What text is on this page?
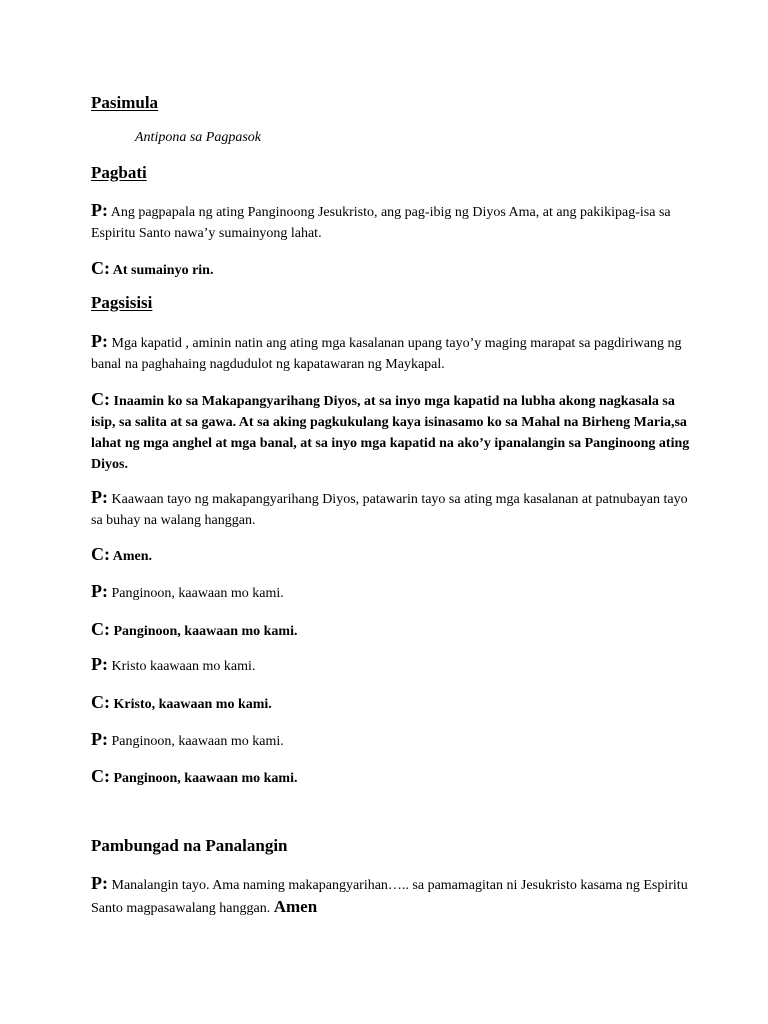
Pasimula

Antipona sa Pagpasok

Pagbati

P: Ang pagpapala ng ating Panginoong Jesukristo, ang pag-ibig ng Diyos Ama, at ang pakikipag-isa sa Espiritu Santo nawa’y sumainyong lahat.

C: At sumainyo rin.

Pagsisisi

P: Mga kapatid , aminin natin ang ating mga kasalanan upang tayo’y maging marapat sa pagdiriwang ng banal na paghahaing nagdudulot ng kapatawaran ng Maykapal.

C: Inaamin ko sa Makapangyarihang Diyos, at sa inyo mga kapatid na lubha akong nagkasala sa isip, sa salita at sa gawa. At sa aking pagkukulang kaya isinasamo ko sa Mahal na Birheng Maria,sa lahat ng mga anghel at mga banal, at sa inyo mga kapatid na ako’y ipanalangin sa Panginoong ating Diyos.

P: Kaawaan tayo ng makapangyarihang Diyos, patawarin tayo sa ating mga kasalanan at patnubayan tayo sa buhay na walang hanggan.

C: Amen.

P: Panginoon, kaawaan mo kami.

C: Panginoon, kaawaan mo kami.

P: Kristo kaawaan mo kami.

C: Kristo, kaawaan mo kami.

P: Panginoon, kaawaan mo kami.

C: Panginoon, kaawaan mo kami.

Pambungad na Panalangin

P: Manalangin tayo. Ama naming makapangyarihan….. sa pamamagitan ni Jesukristo kasama ng Espiritu Santo magpasawalang hanggan. Amen
